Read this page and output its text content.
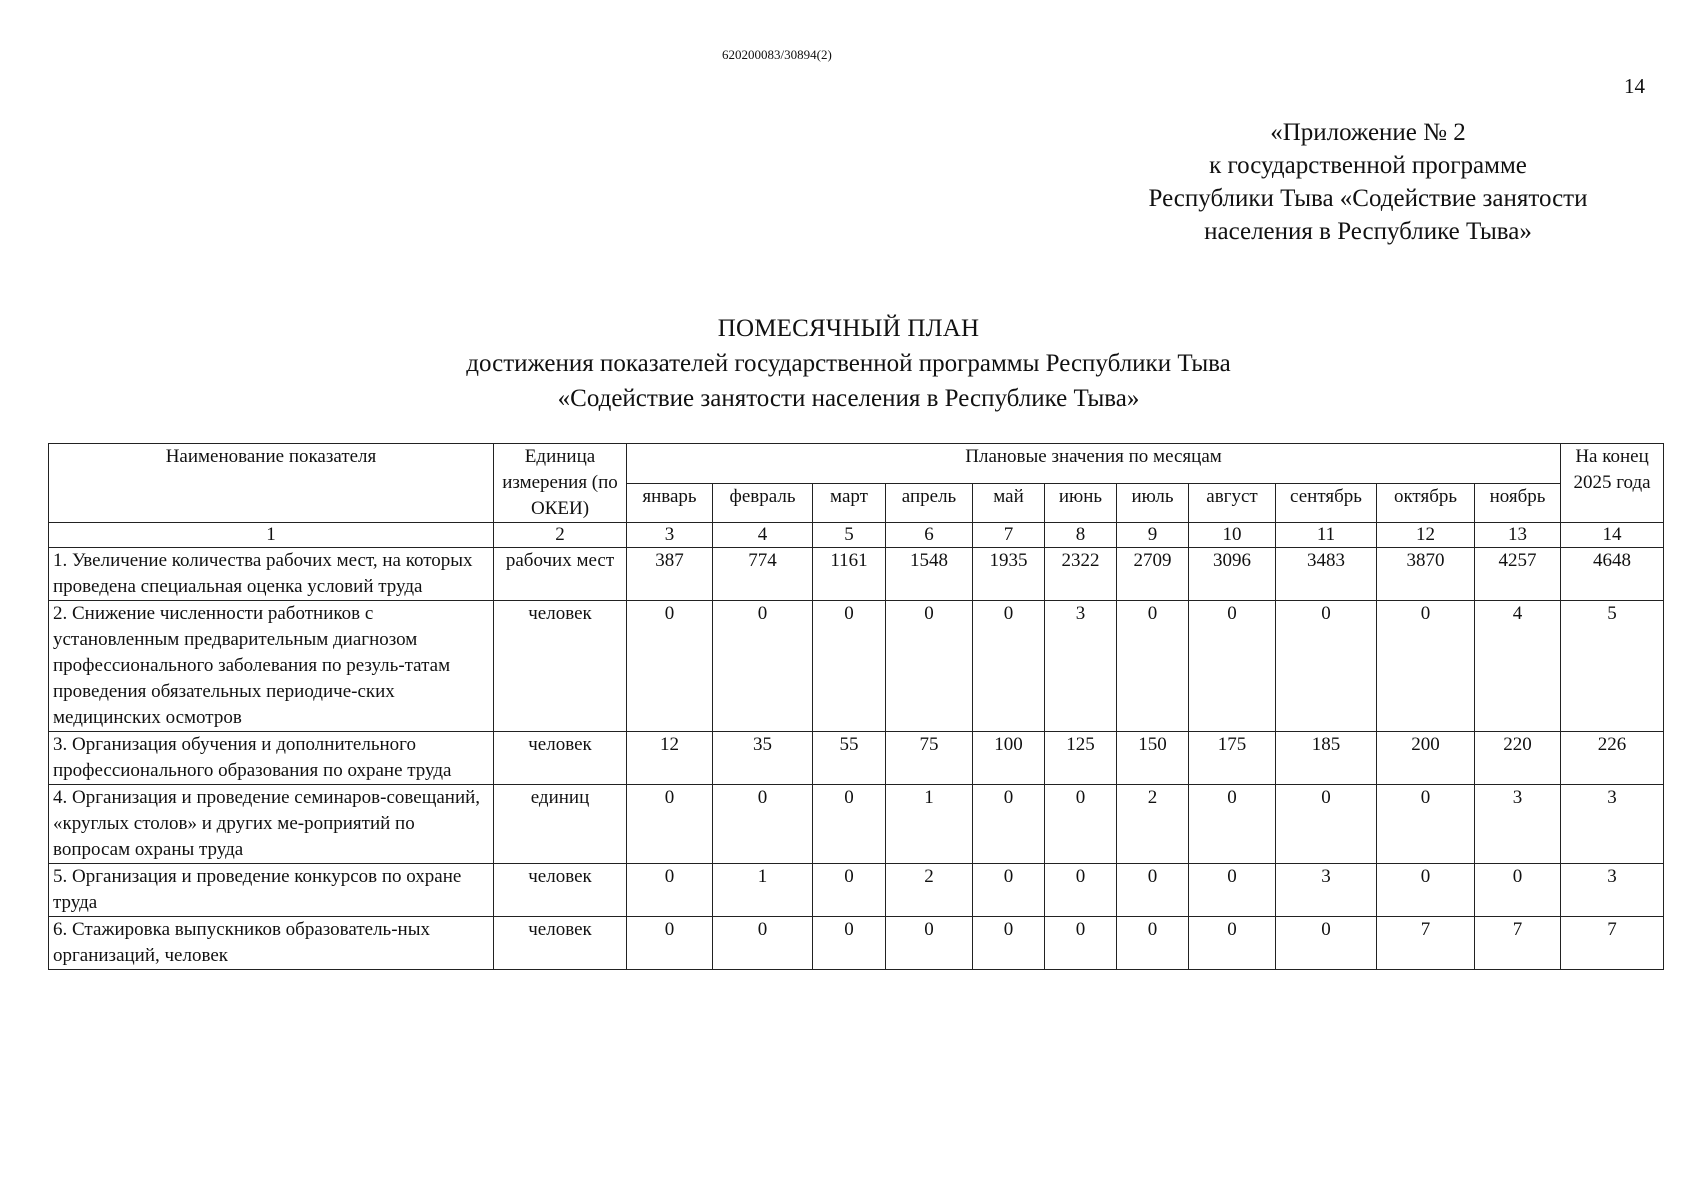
620200083/30894(2)
14
«Приложение № 2
к государственной программе
Республики Тыва «Содействие занятости
населения в Республике Тыва»
ПОМЕСЯЧНЫЙ ПЛАН
достижения показателей государственной программы Республики Тыва
«Содействие занятости населения в Республике Тыва»
Наименование показателя	Единица измерения (по ОКЕИ)	Плановые значения по месяцам											На конец 2025 года
		январь	февраль	март	апрель	май	июнь	июль	август	сентябрь	октябрь	ноябрь	
1	2	3	4	5	6	7	8	9	10	11	12	13	14
1. Увеличение количества рабочих мест, на которых проведена специальная оценка условий труда	рабочих мест	387	774	1161	1548	1935	2322	2709	3096	3483	3870	4257	4648
2. Снижение численности работников с установленным предварительным диагнозом профессионального заболевания по резуль-татам проведения обязательных периодиче-ских медицинских осмотров	человек	0	0	0	0	0	3	0	0	0	0	4	5
3. Организация обучения и дополнительного профессионального образования по охране труда	человек	12	35	55	75	100	125	150	175	185	200	220	226
4. Организация и проведение семинаров-совещаний, «круглых столов» и других ме-роприятий по вопросам охраны труда	единиц	0	0	0	1	0	0	2	0	0	0	3	3
5. Организация и проведение конкурсов по охране труда	человек	0	1	0	2	0	0	0	0	3	0	0	3
6. Стажировка выпускников образователь-ных организаций, человек	человек	0	0	0	0	0	0	0	0	0	7	7	7
